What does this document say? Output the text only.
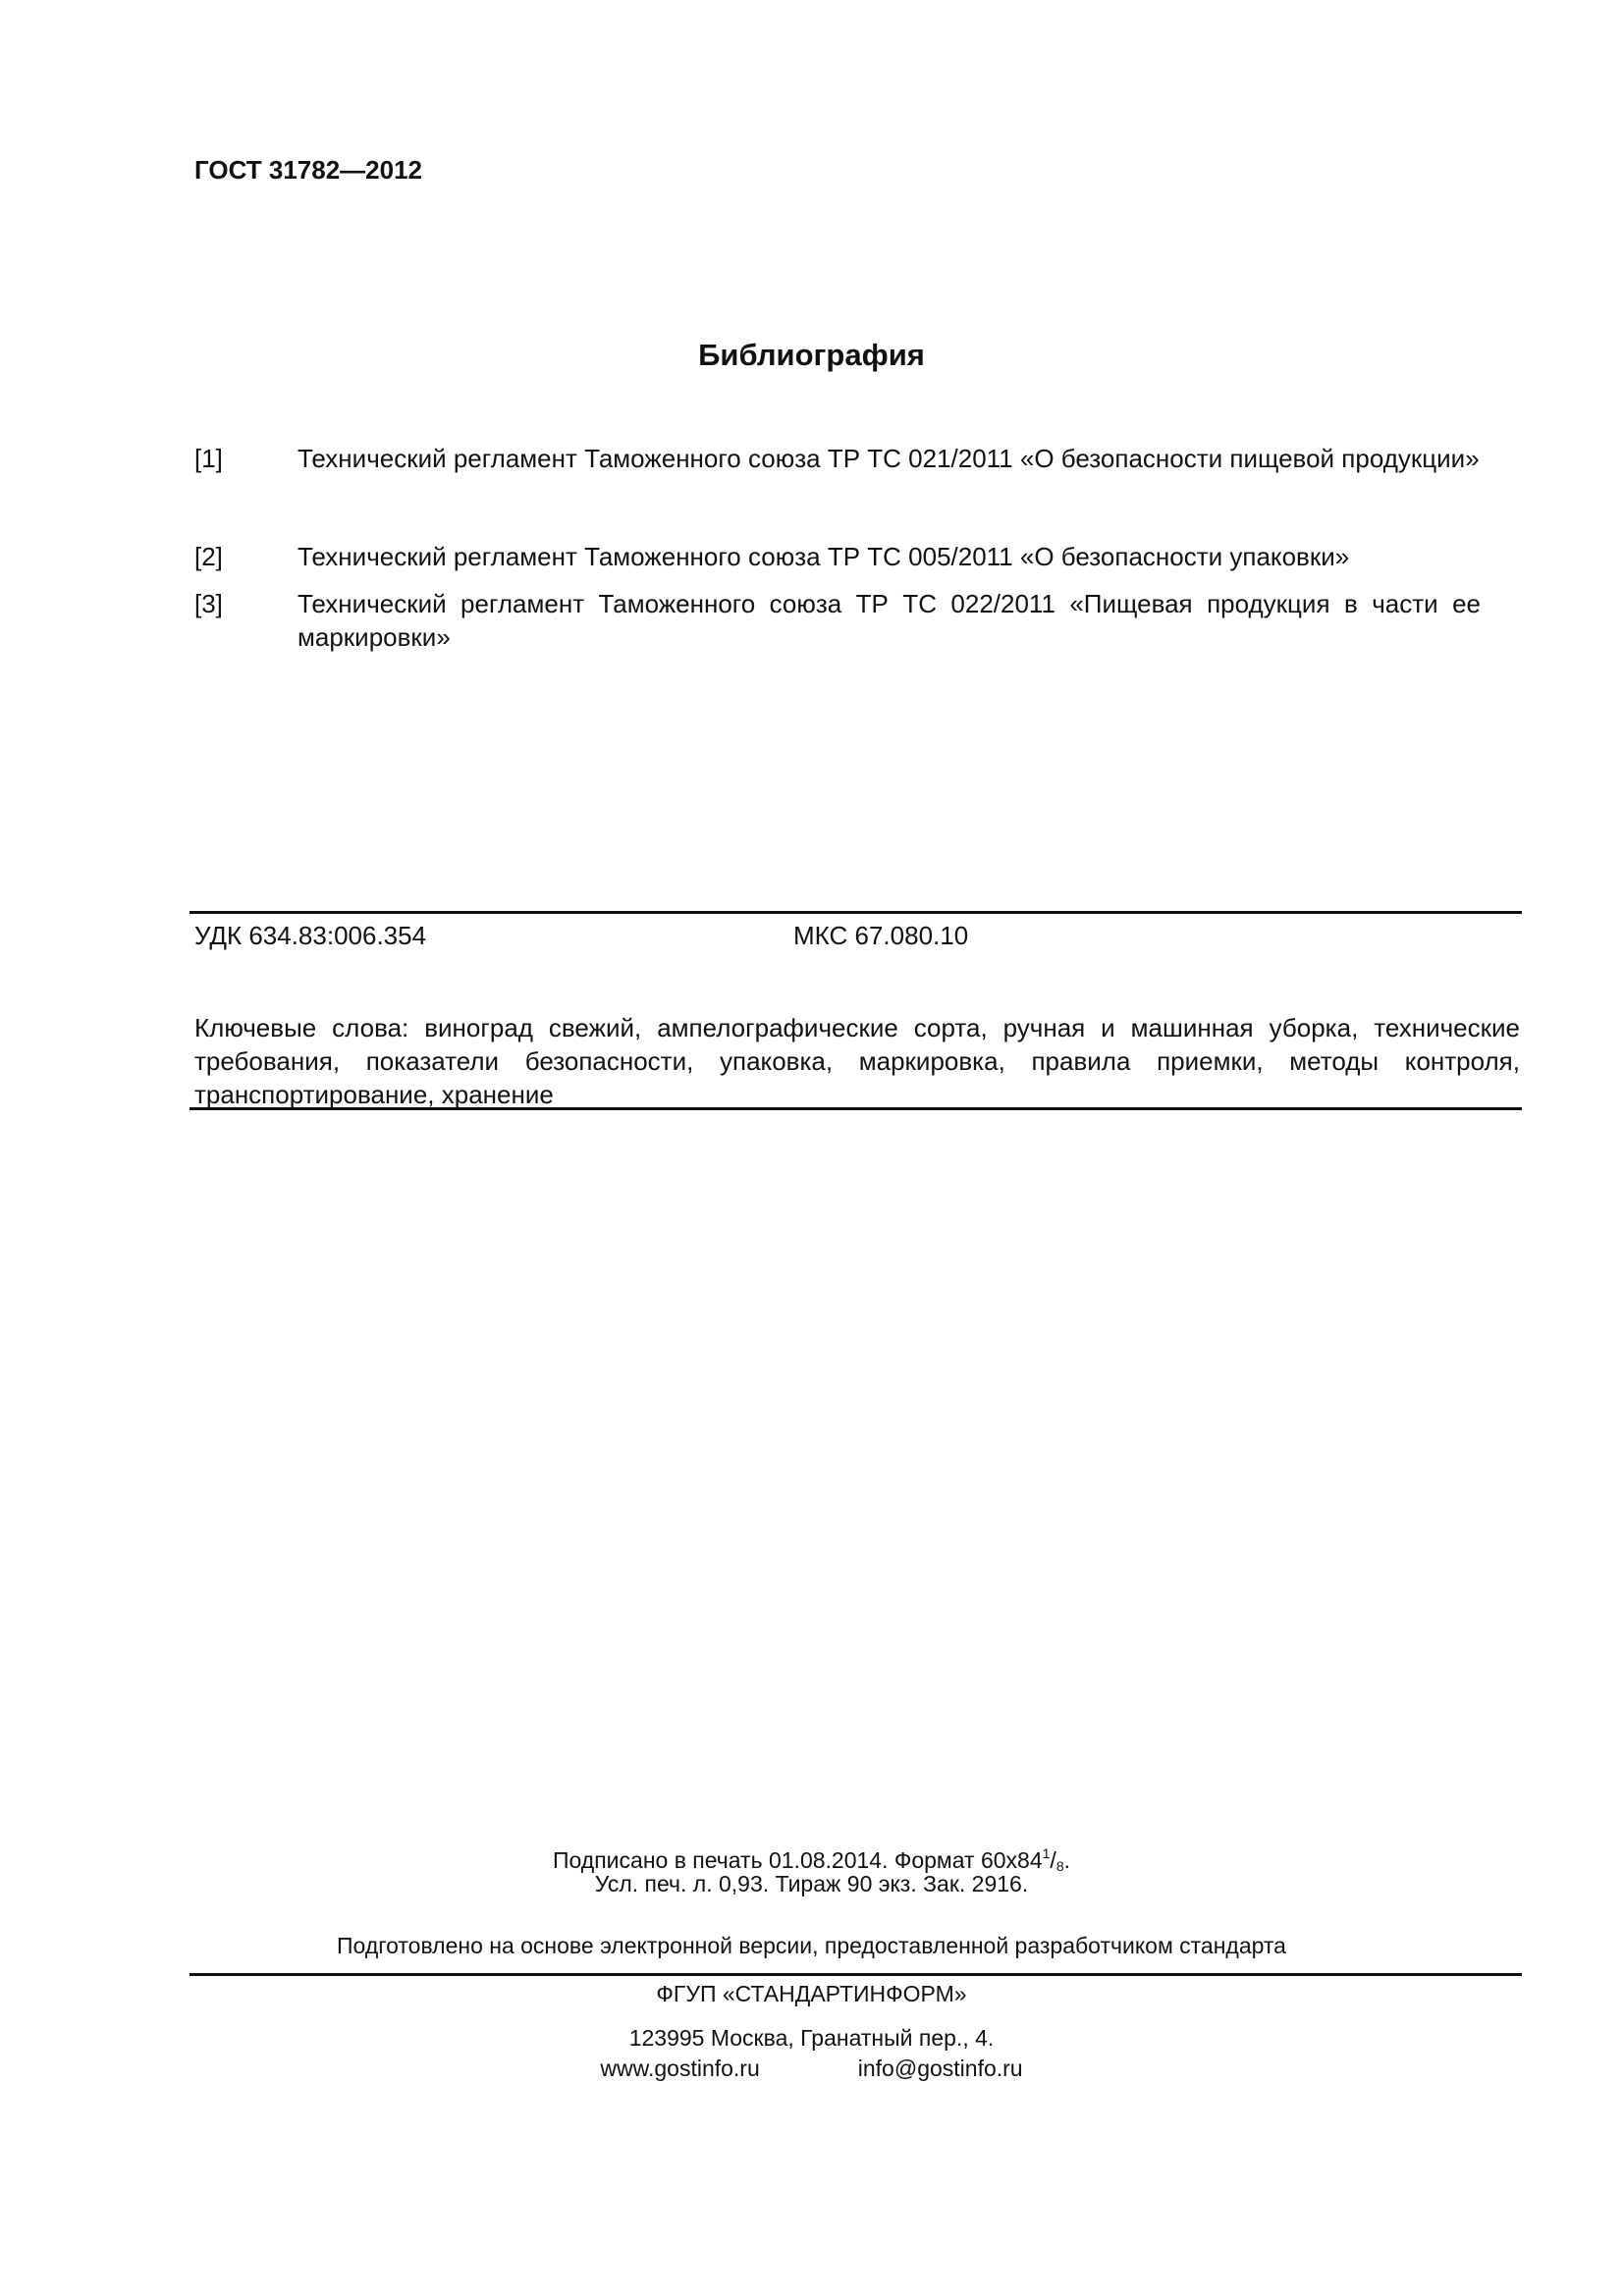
ГОСТ 31782—2012
Библиография
[1]	Технический регламент Таможенного союза ТР ТС 021/2011 «О безопасности пищевой продукции»
[2]	Технический регламент Таможенного союза ТР ТС 005/2011 «О безопасности упаковки»
[3]	Технический регламент Таможенного союза ТР ТС 022/2011 «Пищевая продукция в части ее маркировки»
УДК 634.83:006.354	МКС 67.080.10
Ключевые слова: виноград свежий, ампелографические сорта, ручная и машинная уборка, технические требования, показатели безопасности, упаковка, маркировка, правила приемки, методы контроля, транспортирование, хранение
Подписано в печать 01.08.2014. Формат $60x84^1/_8$.
Усл. печ. л. 0,93. Тираж 90 экз. Зак. 2916.
Подготовлено на основе электронной версии, предоставленной разработчиком стандарта
ФГУП «СТАНДАРТИНФОРМ»
123995 Москва, Гранатный пер., 4.
www.gostinfo.ru	info@gostinfo.ru
